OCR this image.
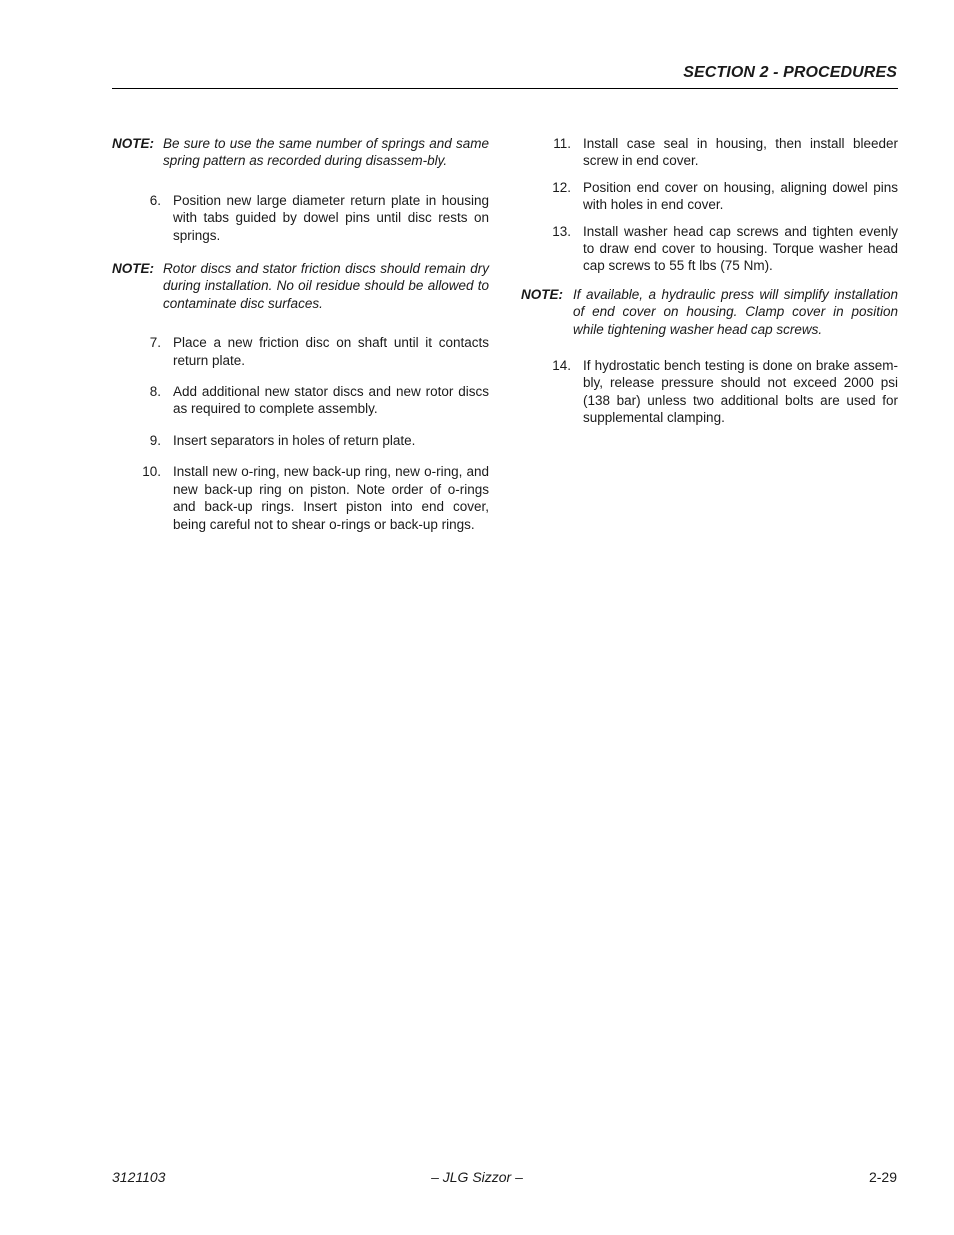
SECTION 2 - PROCEDURES
NOTE: Be sure to use the same number of springs and same spring pattern as recorded during disassem-bly.
6. Position new large diameter return plate in housing with tabs guided by dowel pins until disc rests on springs.
NOTE: Rotor discs and stator friction discs should remain dry during installation. No oil residue should be allowed to contaminate disc surfaces.
7. Place a new friction disc on shaft until it contacts return plate.
8. Add additional new stator discs and new rotor discs as required to complete assembly.
9. Insert separators in holes of return plate.
10. Install new o-ring, new back-up ring, new o-ring, and new back-up ring on piston. Note order of o-rings and back-up rings. Insert piston into end cover, being careful not to shear o-rings or back-up rings.
11. Install case seal in housing, then install bleeder screw in end cover.
12. Position end cover on housing, aligning dowel pins with holes in end cover.
13. Install washer head cap screws and tighten evenly to draw end cover to housing. Torque washer head cap screws to 55 ft lbs (75 Nm).
NOTE: If available, a hydraulic press will simplify installation of end cover on housing. Clamp cover in position while tightening washer head cap screws.
14. If hydrostatic bench testing is done on brake assem-bly, release pressure should not exceed 2000 psi (138 bar) unless two additional bolts are used for supplemental clamping.
3121103	– JLG Sizzor –	2-29
